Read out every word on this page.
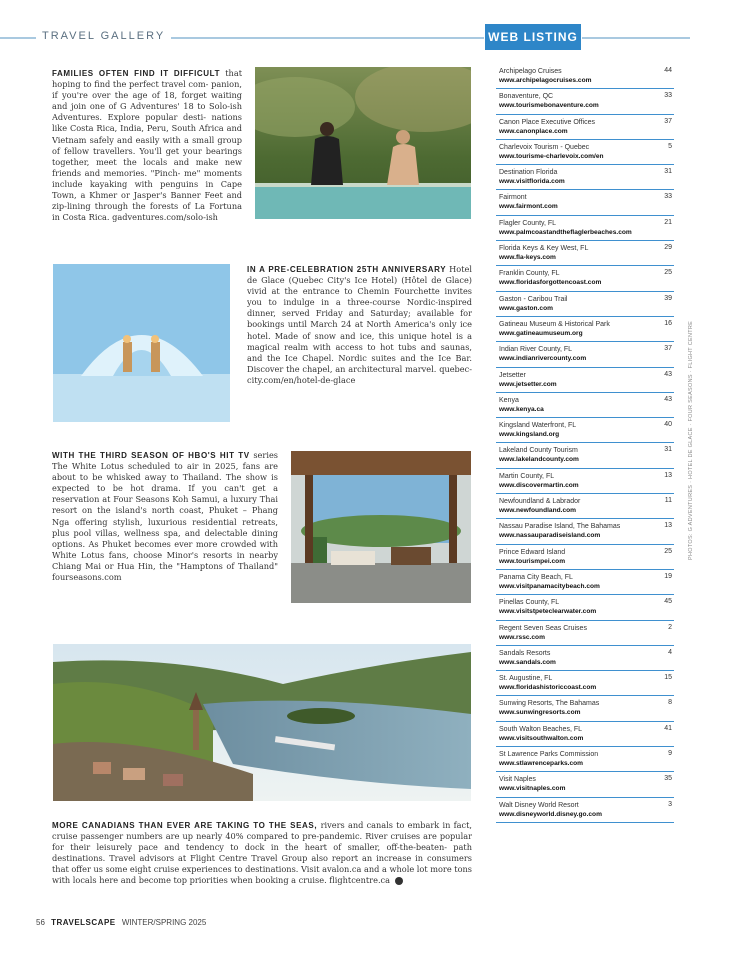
TRAVEL GALLERY	WEB LISTING
FAMILIES OFTEN FIND IT DIFFICULT that hoping to find the perfect travel com- panion, if you're over the age of 18, forget waiting and join one of G Adventures' 18 to Solo-ish Adventures. Explore popular desti- nations like Costa Rica, India, Peru, South Africa and Vietnam safely and easily with a small group of fellow travellers. You'll get your bearings together, meet the locals and make new friends and memories. "Pinch- me" moments include kayaking with penguins in Cape Town, a Khmer or Jasper's Banner Feet and zip-lining through the forests of La Fortuna in Costa Rica. gadventures.com/solo-ish
IN A PRE-CELEBRATION 25TH ANNIVERSARY Hotel de Glace (Quebec City's Ice Hotel) (Hôtel de Glace) vivid at the entrance to Chemin Fourchette invites you to indulge in a three-course Nordic-inspired dinner, served Friday and Saturday; available for bookings until March 24 at North America's only ice hotel. Made of snow and ice, this unique hotel is a magical realm with access to hot tubs and saunas, and the Ice Chapel. Nordic suites and the Ice Bar. Discover the chapel, an architectural marvel. quebec-city.com/en/hotel-de-glace
WITH THE THIRD SEASON OF HBO'S HIT TV series The White Lotus scheduled to air in 2025, fans are about to be whisked away to Thailand. The show is expected to be hot drama. If you can't get a reservation at Four Seasons Koh Samui, a luxury Thai resort on the island's north coast, Phuket – Phang Nga offering stylish, luxurious residential retreats, plus pool villas, wellness spa, and delectable dining options. As Phuket becomes ever more crowded with White Lotus fans, choose Minor's resorts in nearby Chiang Mai or Hua Hin, the "Hamptons of Thailand" fourseasons.com
MORE CANADIANS THAN EVER ARE TAKING TO THE SEAS, rivers and canals to embark in fact, cruise passenger numbers are up nearly 40% compared to pre-pandemic. River cruises are popular for their leisurely pace and tendency to dock in the heart of smaller, off-the-beaten- path destinations. Travel advisors at Flight Centre Travel Group also report an increase in consumers that offer us some eight cruise experiences to destinations. Visit avalon.ca and a whole lot more tons with locals here and become top priorities when booking a cruise. flightcentre.ca
Archipelago Cruises
www.archipelagocruises.com
44
Bonaventure, QC
www.tourismebonaventure.com
33
Canon Place Executive Offices
www.canonplace.com
37
Charlevoix Tourism - Quebec
www.tourisme-charlevoix.com/en
5
Destination Florida
www.visitflorida.com
31
Fairmont
www.fairmont.com
33
Flagler County, FL
www.palmcoastandtheflaglerbeaches.com
21
Florida Keys & Key West, FL
www.fla-keys.com
29
Franklin County, FL
www.floridasforgottencoast.com
25
Gaston - Caribou Trail
www.gaston.com
39
Gatineau Museum & Historical Park
www.gatineaumuseum.org
16
Indian River County, FL
www.indianrivercounty.com
37
Jetsetter
www.jetsetter.com
43
Kenya
www.kenya.ca
43
Kingsland Waterfront, FL
www.kingsland.org
40
Lakeland County Tourism
www.lakelandcounty.com
31
Martin County, FL
www.discovermartin.com
13
Newfoundland & Labrador
www.newfoundland.com
11
Nassau Paradise Island, The Bahamas
www.nassauparadiseisland.com
13
Prince Edward Island
www.tourismpei.com
25
Panama City Beach, FL
www.visitpanamacitybeach.com
19
Pinellas County, FL
www.visitstpeteclearwater.com
45
Regent Seven Seas Cruises
www.rssc.com
2
Sandals Resorts
www.sandals.com
4
St. Augustine, FL
www.floridashistoriccoast.com
15
Sunwing Resorts, The Bahamas
www.sunwingresorts.com
8
South Walton Beaches, FL
www.visitsouthwalton.com
41
St Lawrence Parks Commission
www.stlawrenceparks.com
9
Visit Naples
www.visitnaples.com
35
Walt Disney World Resort
www.disneyworld.disney.go.com
3
PHOTOS: G ADVENTURES · HOTEL DE GLACE · FOUR SEASONS · FLIGHT CENTRE
56 TRAVELSCAPE WINTER/SPRING 2025
